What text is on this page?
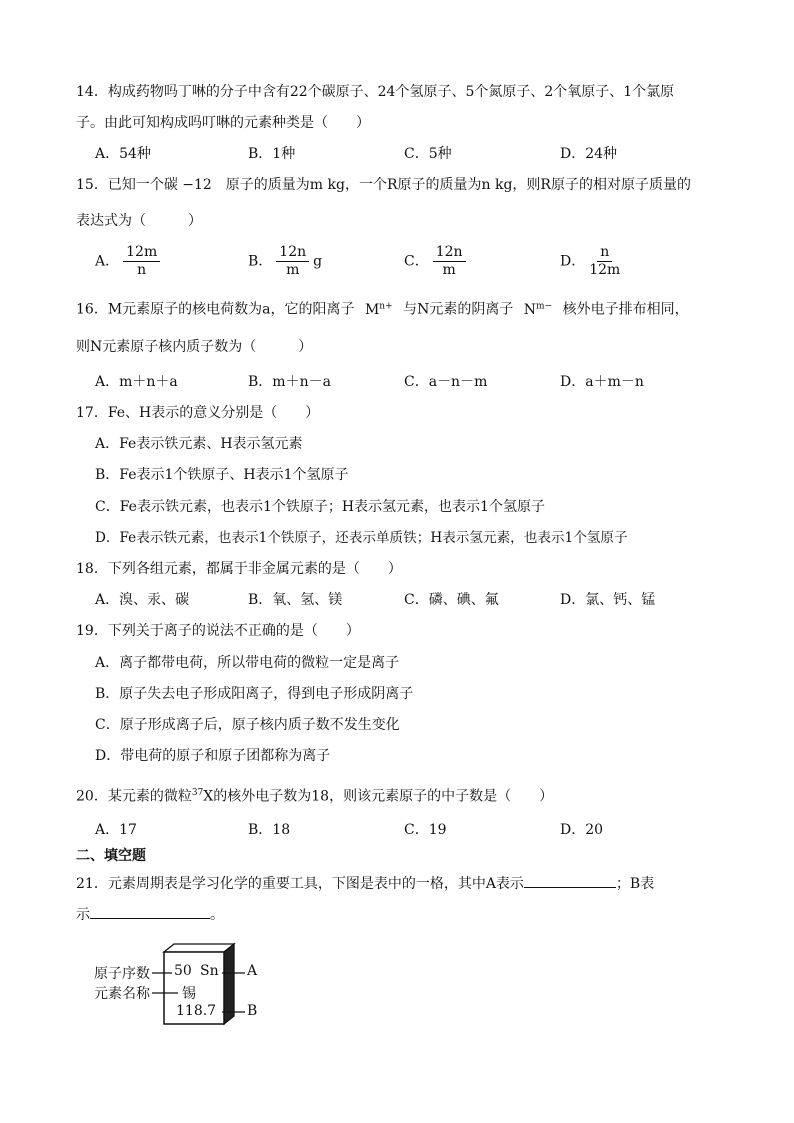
14．构成药物吗丁啉的分子中含有22个碳原子、24个氢原子、5个氮原子、2个氧原子、1个氯原
子。由此可知构成吗叮啉的元素种类是（　　）
A．54种	B．1种	C．5种	D．24种
15．已知一个碳 −12　原子的质量为m kg，一个R原子的质量为n kg，则R原子的相对原子质量的
表达式为（　　　）
A． $\frac{12m}{n}$	B． $\frac{12n}{m}$ g	C． $\frac{12n}{m}$	D． $\frac{n}{12m}$
16．M元素原子的核电荷数为a，它的阳离子 $M^{n+}$ 与N元素的阴离子 $N^{m-}$ 核外电子排布相同，
则N元素原子核内质子数为（　　　）
A．m＋n＋a	B．m＋n－a	C．a－n－m	D．a＋m－n
17．Fe、H表示的意义分别是（　　）
A．Fe表示铁元素、H表示氢元素
B．Fe表示1个铁原子、H表示1个氢原子
C．Fe表示铁元素，也表示1个铁原子；H表示氢元素，也表示1个氢原子
D．Fe表示铁元素，也表示1个铁原子，还表示单质铁；H表示氢元素，也表示1个氢原子
18．下列各组元素，都属于非金属元素的是（　　）
A．溴、汞、碳	B．氧、氢、镁	C．磷、碘、氟	D．氯、钙、锰
19．下列关于离子的说法不正确的是（　　）
A．离子都带电荷，所以带电荷的微粒一定是离子
B．原子失去电子形成阳离子，得到电子形成阴离子
C．原子形成离子后，原子核内质子数不发生变化
D．带电荷的原子和原子团都称为离子
20．某元素的微粒$^{37}$X的核外电子数为18，则该元素原子的中子数是（　　）
A．17	B．18	C．19	D．20
二、填空题
21．元素周期表是学习化学的重要工具，下图是表中的一格，其中A表示	；B表
示	。
原子序数
元素名称
50 Sn
锡
118.7
A
B
